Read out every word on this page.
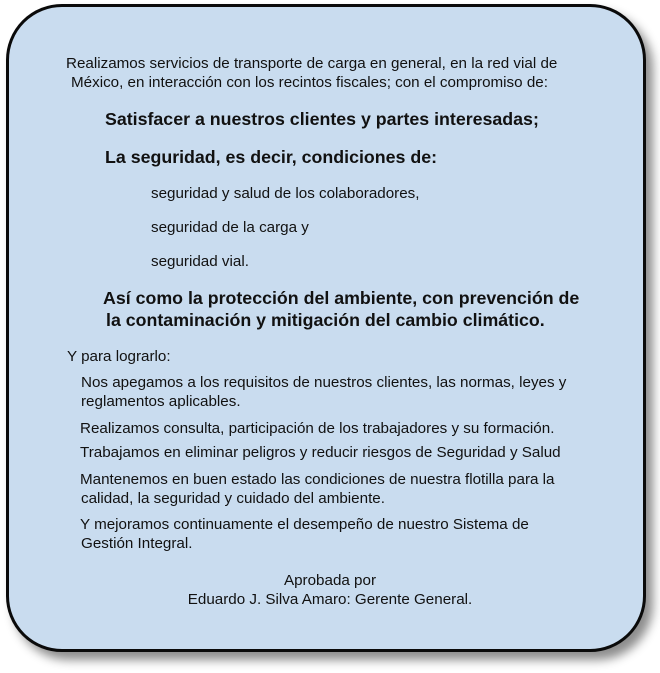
Realizamos servicios de transporte de carga en general, en la red vial de
México, en interacción con los recintos fiscales; con el compromiso de:
Satisfacer a nuestros clientes y partes interesadas;
La seguridad, es decir, condiciones de:
seguridad y salud de los colaboradores,
seguridad de la carga y
seguridad vial.
Así como la protección del ambiente, con prevención de
la contaminación y mitigación del cambio climático.
Y para lograrlo:
Nos apegamos a los requisitos de nuestros clientes, las normas, leyes y
reglamentos aplicables.
Realizamos consulta, participación de los trabajadores y su formación.
Trabajamos en eliminar peligros y reducir riesgos de Seguridad y Salud
Mantenemos en buen estado las condiciones de nuestra flotilla para la
calidad, la seguridad y cuidado del ambiente.
Y mejoramos continuamente el desempeño de nuestro Sistema de
Gestión Integral.
Aprobada por
Eduardo J. Silva Amaro: Gerente General.
